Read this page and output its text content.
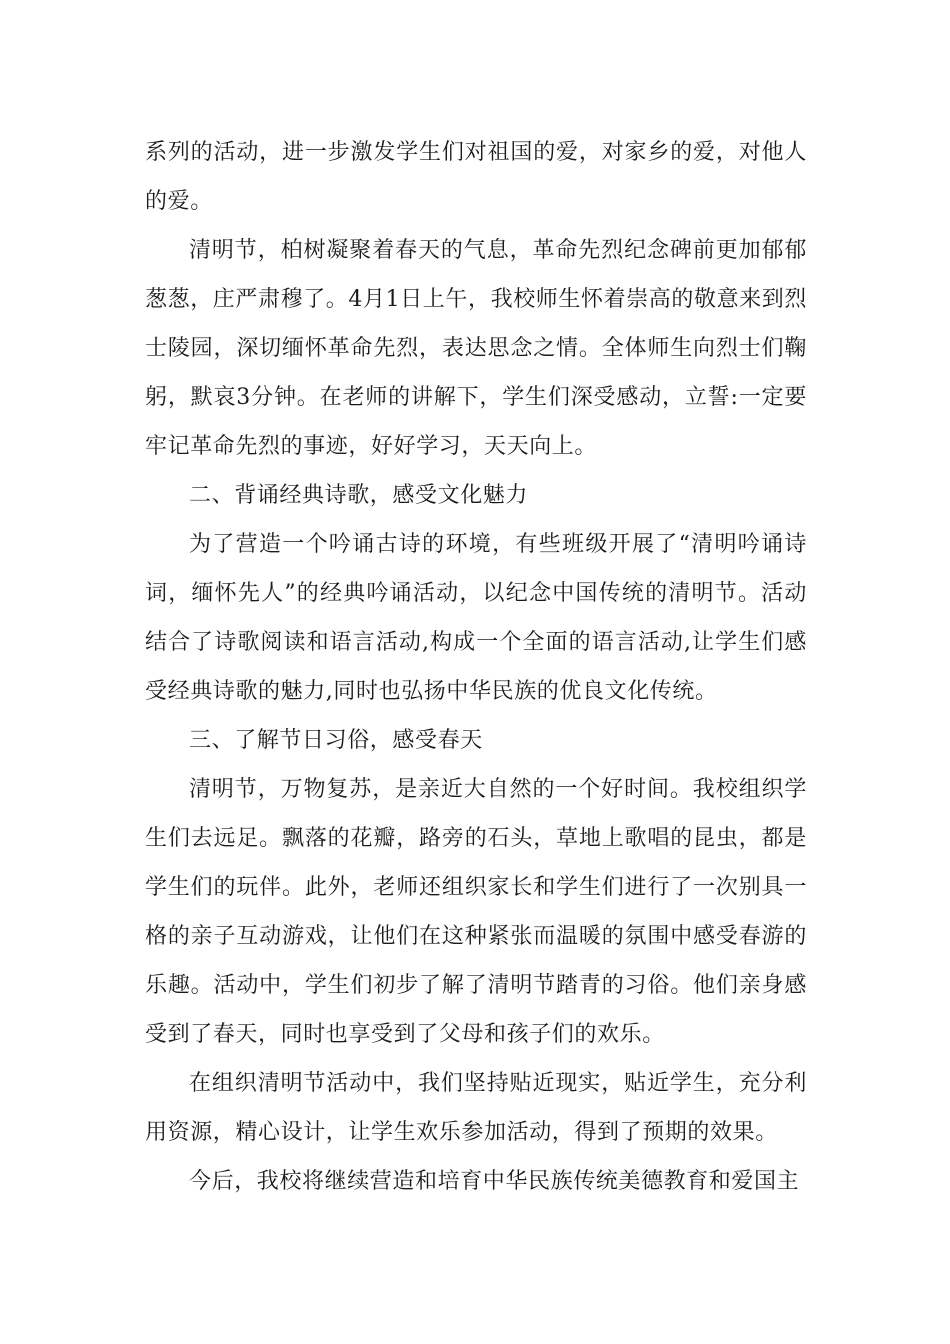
系列的活动，进一步激发学生们对祖国的爱，对家乡的爱，对他人的爱。

清明节，柏树凝聚着春天的气息，革命先烈纪念碑前更加郁郁葱葱，庄严肃穆了。4月1日上午，我校师生怀着崇高的敬意来到烈士陵园，深切缅怀革命先烈，表达思念之情。全体师生向烈士们鞠躬，默哀3分钟。在老师的讲解下，学生们深受感动，立誓:一定要牢记革命先烈的事迹，好好学习，天天向上。

二、背诵经典诗歌，感受文化魅力

为了营造一个吟诵古诗的环境，有些班级开展了“清明吟诵诗词，缅怀先人”的经典吟诵活动，以纪念中国传统的清明节。活动结合了诗歌阅读和语言活动,构成一个全面的语言活动,让学生们感受经典诗歌的魅力,同时也弘扬中华民族的优良文化传统。

三、了解节日习俗，感受春天

清明节，万物复苏，是亲近大自然的一个好时间。我校组织学生们去远足。飘落的花瓣，路旁的石头，草地上歌唱的昆虫，都是学生们的玩伴。此外，老师还组织家长和学生们进行了一次别具一格的亲子互动游戏，让他们在这种紧张而温暖的氛围中感受春游的乐趣。活动中，学生们初步了解了清明节踏青的习俗。他们亲身感受到了春天，同时也享受到了父母和孩子们的欢乐。

在组织清明节活动中，我们坚持贴近现实，贴近学生，充分利用资源，精心设计，让学生欢乐参加活动，得到了预期的效果。

今后，我校将继续营造和培育中华民族传统美德教育和爱国主
